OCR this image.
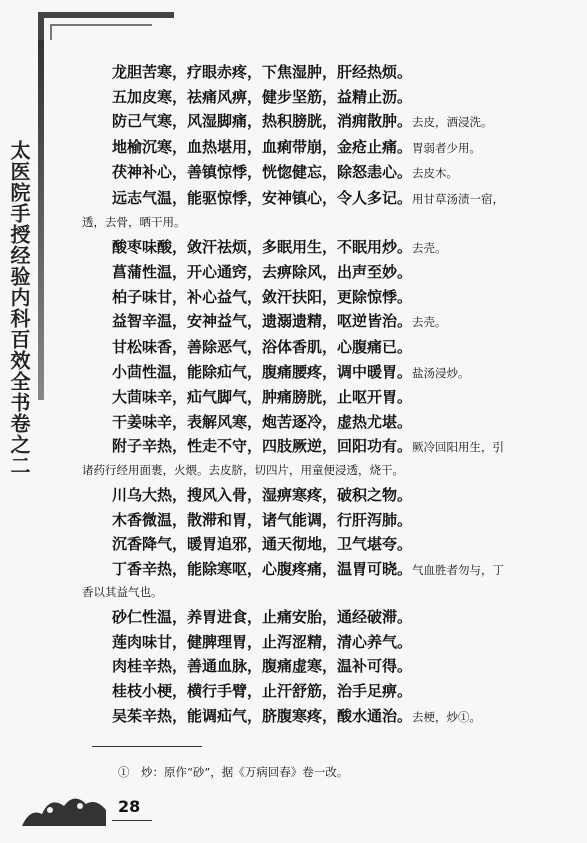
太医院手授经验内科百效全书卷之二

龙胆苦寒，疗眼赤疼，下焦湿肿，肝经热烦。

五加皮寒，祛痛风痹，健步坚筋，益精止沥。

防己气寒，风湿脚痛，热积膀胱，消痈散肿。去皮，酒浸洗。

地榆沉寒，血热堪用，血痢带崩，金疮止痛。胃弱者少用。

茯神补心，善镇惊悸，恍惚健忘，除怒恚心。去皮木。

远志气温，能驱惊悸，安神镇心，令人多记。用甘草汤渍一宿，

透，去骨，晒干用。

酸枣味酸，敛汗祛烦，多眠用生，不眠用炒。去壳。

菖蒲性温，开心通窍，去痹除风，出声至妙。

柏子味甘，补心益气，敛汗扶阳，更除惊悸。

益智辛温，安神益气，遗溺遗精，呕逆皆治。去壳。

甘松味香，善除恶气，浴体香肌，心腹痛已。

小茴性温，能除疝气，腹痛腰疼，调中暖胃。盐汤浸炒。

大茴味辛，疝气脚气，肿痛膀胱，止呕开胃。

干姜味辛，表解风寒，炮苦逐冷，虚热尤堪。

附子辛热，性走不守，四肢厥逆，回阳功有。厥冷回阳用生，引

诸药行经用面裹，火煨。去皮脐，切四片，用童便浸透，烧干。

川乌大热，搜风入骨，湿痹寒疼，破积之物。

木香微温，散滞和胃，诸气能调，行肝泻肺。

沉香降气，暖胃追邪，通天彻地，卫气堪夸。

丁香辛热，能除寒呕，心腹疼痛，温胃可晓。气血胜者勿与，丁

香以其益气也。

砂仁性温，养胃进食，止痛安胎，通经破滞。

莲肉味甘，健脾理胃，止泻涩精，清心养气。

肉桂辛热，善通血脉，腹痛虚寒，温补可得。

桂枝小梗，横行手臂，止汗舒筋，治手足痹。

吴茱辛热，能调疝气，脐腹寒疼，酸水通治。去梗，炒①。

①　炒：原作“砂”，据《万病回春》卷一改。
28
